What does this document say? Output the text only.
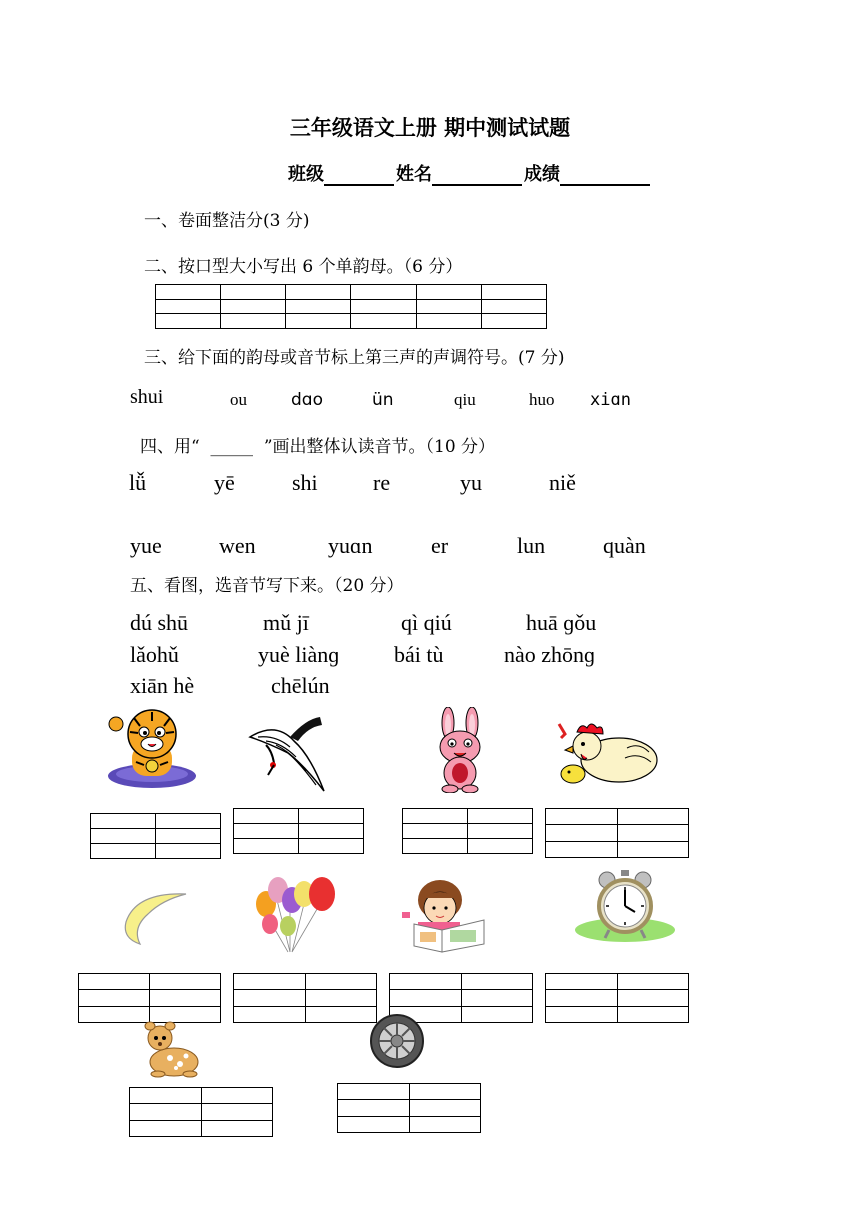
三年级语文上册 期中测试试题
班级	姓名	成绩
一、卷面整洁分(3 分)
二、按口型大小写出 6 个单韵母。（6 分）

三、给下面的韵母或音节标上第三声的声调符号。(7 分)
shui	ou	dɑo	ün	qiu	huo xiɑn
四、用“ _____ ”画出整体认读音节。（10 分）
lǚ	yē	shi	re	yu	niě
yue	wen	yuɑn	er	lun	quàn
五、看图，选音节写下来。（20 分）
dú shū	mǔ jī	qì qiú	huā ɡǒu
lǎohǔ	yuè liànɡ bái tù	nào zhōnɡ
xiān hè	chēlún
